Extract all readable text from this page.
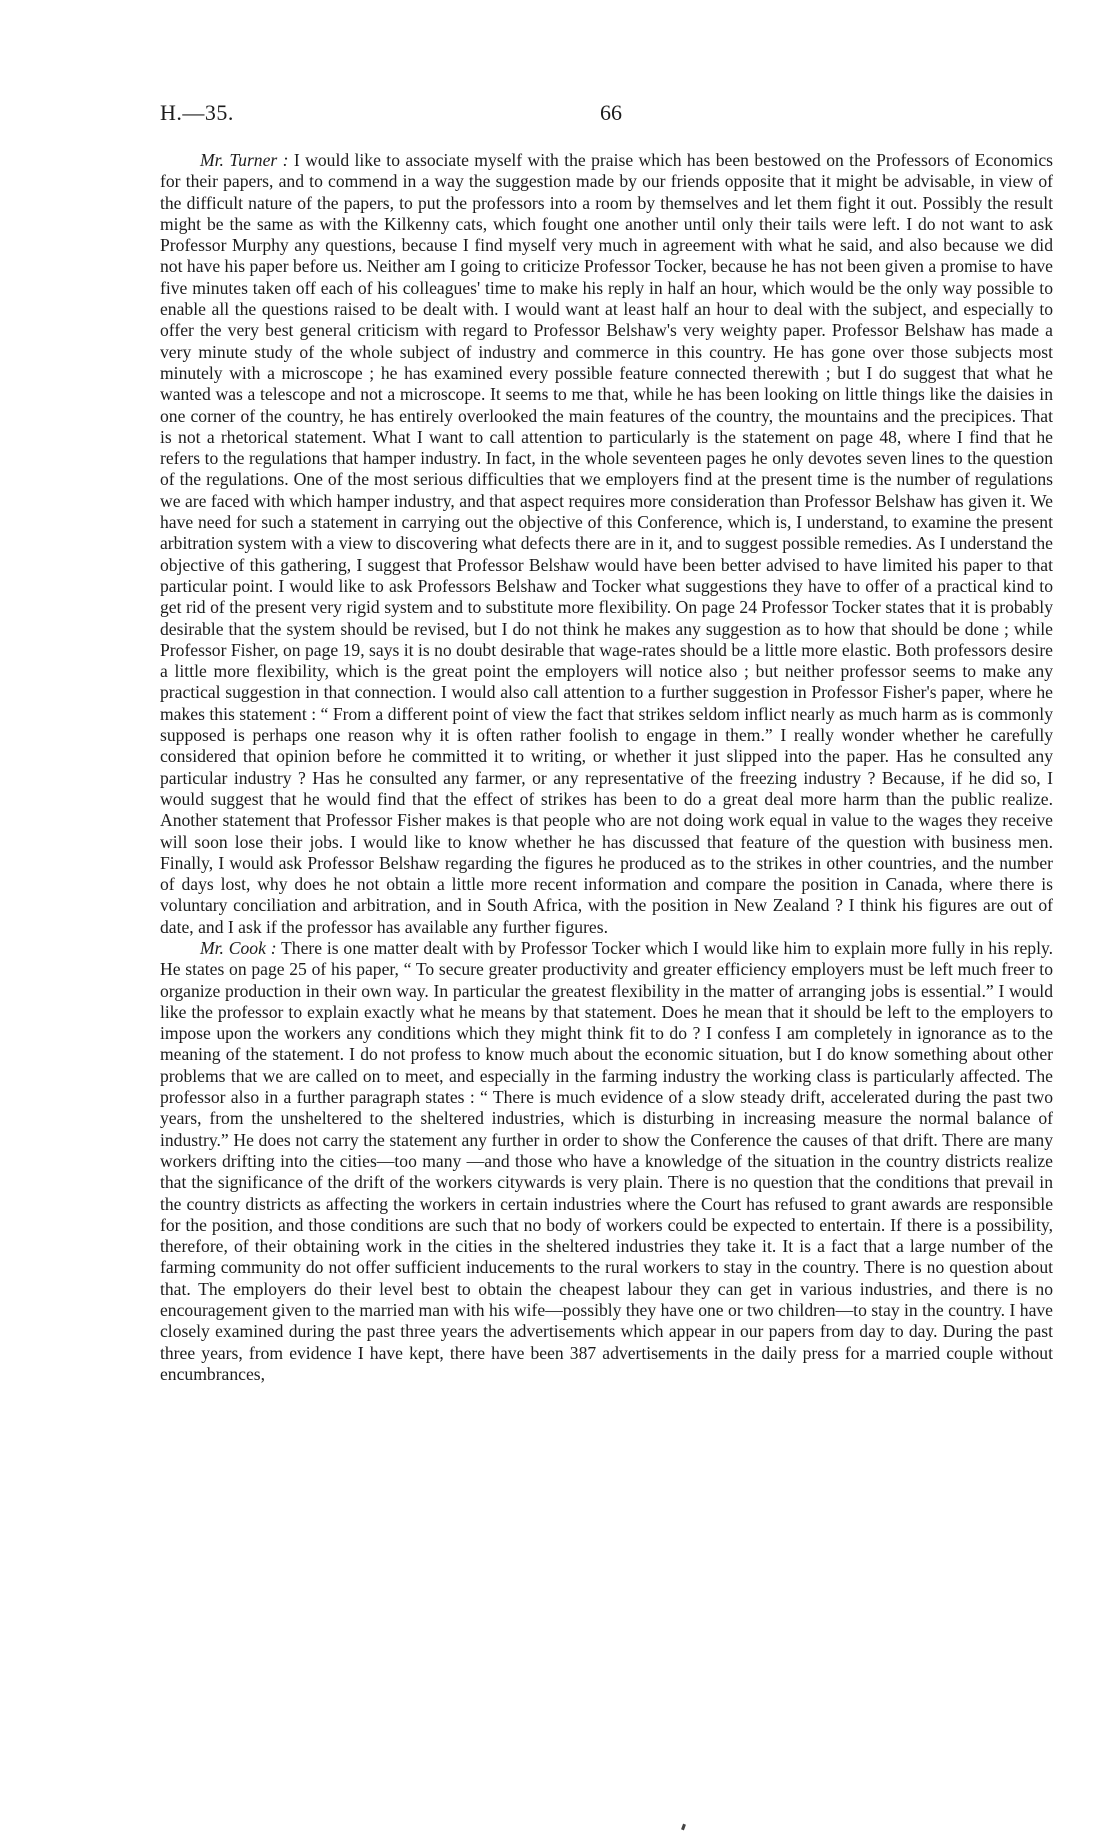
H.—35.	66

Mr. Turner : I would like to associate myself with the praise which has been bestowed on the Professors of Economics for their papers, and to commend in a way the suggestion made by our friends opposite that it might be advisable, in view of the difficult nature of the papers, to put the professors into a room by themselves and let them fight it out. Possibly the result might be the same as with the Kilkenny cats, which fought one another until only their tails were left. I do not want to ask Professor Murphy any questions, because I find myself very much in agreement with what he said, and also because we did not have his paper before us. Neither am I going to criticize Professor Tocker, because he has not been given a promise to have five minutes taken off each of his colleagues' time to make his reply in half an hour, which would be the only way possible to enable all the questions raised to be dealt with. I would want at least half an hour to deal with the subject, and especially to offer the very best general criticism with regard to Professor Belshaw's very weighty paper. Professor Belshaw has made a very minute study of the whole subject of industry and commerce in this country. He has gone over those subjects most minutely with a microscope ; he has examined every possible feature connected therewith ; but I do suggest that what he wanted was a telescope and not a microscope. It seems to me that, while he has been looking on little things like the daisies in one corner of the country, he has entirely overlooked the main features of the country, the mountains and the precipices. That is not a rhetorical statement. What I want to call attention to particularly is the statement on page 48, where I find that he refers to the regulations that hamper industry. In fact, in the whole seventeen pages he only devotes seven lines to the question of the regulations. One of the most serious difficulties that we employers find at the present time is the number of regulations we are faced with which hamper industry, and that aspect requires more consideration than Professor Belshaw has given it. We have need for such a statement in carrying out the objective of this Conference, which is, I understand, to examine the present arbitration system with a view to discovering what defects there are in it, and to suggest possible remedies. As I understand the objective of this gathering, I suggest that Professor Belshaw would have been better advised to have limited his paper to that particular point. I would like to ask Professors Belshaw and Tocker what suggestions they have to offer of a practical kind to get rid of the present very rigid system and to substitute more flexibility. On page 24 Professor Tocker states that it is probably desirable that the system should be revised, but I do not think he makes any suggestion as to how that should be done ; while Professor Fisher, on page 19, says it is no doubt desirable that wage-rates should be a little more elastic. Both professors desire a little more flexibility, which is the great point the employers will notice also ; but neither professor seems to make any practical suggestion in that connection. I would also call attention to a further suggestion in Professor Fisher's paper, where he makes this statement : “ From a different point of view the fact that strikes seldom inflict nearly as much harm as is commonly supposed is perhaps one reason why it is often rather foolish to engage in them.” I really wonder whether he carefully considered that opinion before he committed it to writing, or whether it just slipped into the paper. Has he consulted any particular industry ? Has he consulted any farmer, or any representative of the freezing industry ? Because, if he did so, I would suggest that he would find that the effect of strikes has been to do a great deal more harm than the public realize. Another statement that Professor Fisher makes is that people who are not doing work equal in value to the wages they receive will soon lose their jobs. I would like to know whether he has discussed that feature of the question with business men. Finally, I would ask Professor Belshaw regarding the figures he produced as to the strikes in other countries, and the number of days lost, why does he not obtain a little more recent information and compare the position in Canada, where there is voluntary conciliation and arbitration, and in South Africa, with the position in New Zealand ? I think his figures are out of date, and I ask if the professor has available any further figures.

Mr. Cook : There is one matter dealt with by Professor Tocker which I would like him to explain more fully in his reply. He states on page 25 of his paper, “ To secure greater productivity and greater efficiency employers must be left much freer to organize production in their own way. In particular the greatest flexibility in the matter of arranging jobs is essential.” I would like the professor to explain exactly what he means by that statement. Does he mean that it should be left to the employers to impose upon the workers any conditions which they might think fit to do ? I confess I am completely in ignorance as to the meaning of the statement. I do not profess to know much about the economic situation, but I do know something about other problems that we are called on to meet, and especially in the farming industry the working class is particularly affected. The professor also in a further paragraph states : “ There is much evidence of a slow steady drift, accelerated during the past two years, from the unsheltered to the sheltered industries, which is disturbing in increasing measure the normal balance of industry.” He does not carry the statement any further in order to show the Conference the causes of that drift. There are many workers drifting into the cities—too many —and those who have a knowledge of the situation in the country districts realize that the significance of the drift of the workers citywards is very plain. There is no question that the conditions that prevail in the country districts as affecting the workers in certain industries where the Court has refused to grant awards are responsible for the position, and those conditions are such that no body of workers could be expected to entertain. If there is a possibility, therefore, of their obtaining work in the cities in the sheltered industries they take it. It is a fact that a large number of the farming community do not offer sufficient inducements to the rural workers to stay in the country. There is no question about that. The employers do their level best to obtain the cheapest labour they can get in various industries, and there is no encouragement given to the married man with his wife—possibly they have one or two children—to stay in the country. I have closely examined during the past three years the advertisements which appear in our papers from day to day. During the past three years, from evidence I have kept, there have been 387 advertisements in the daily press for a married couple without encumbrances,
